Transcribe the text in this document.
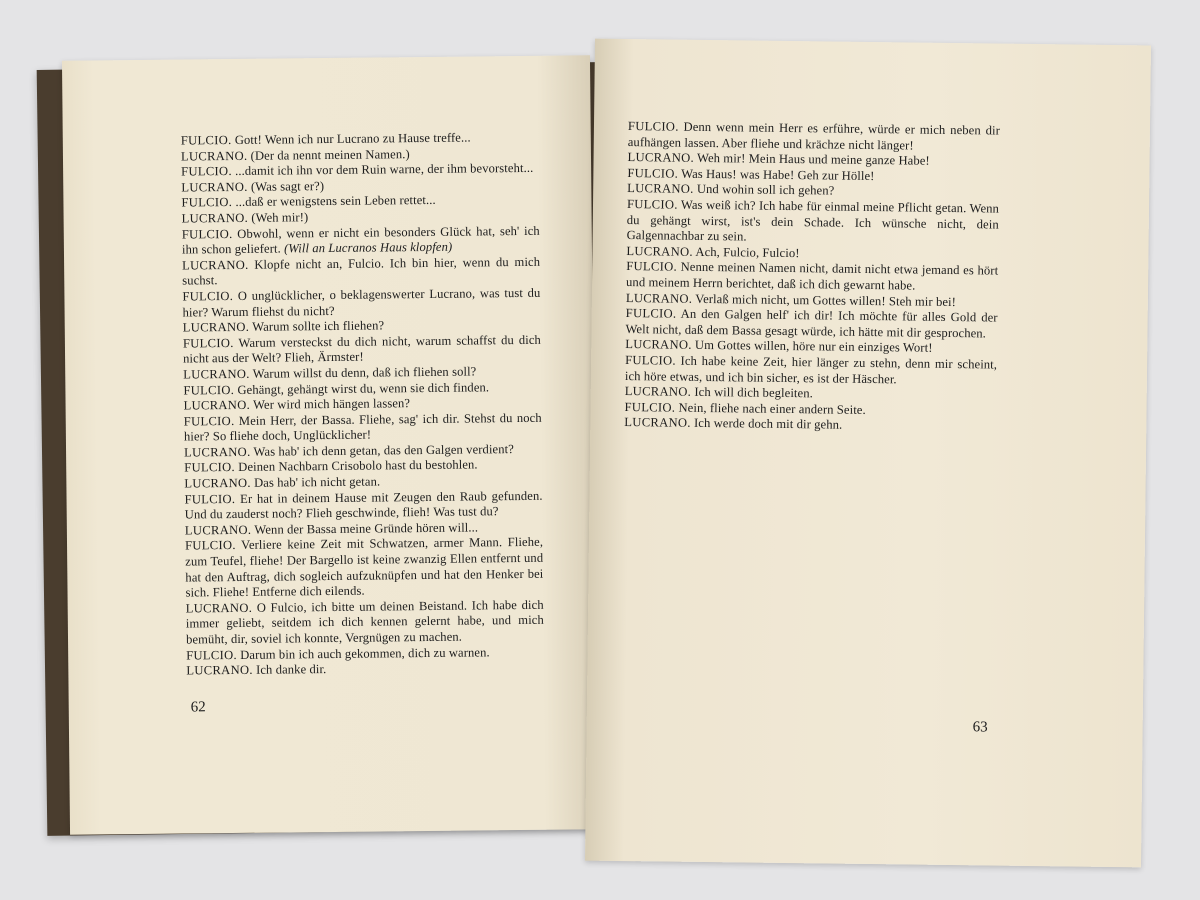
FULCIO. Gott! Wenn ich nur Lucrano zu Hause treffe...

LUCRANO. (Der da nennt meinen Namen.)

FULCIO. ...damit ich ihn vor dem Ruin warne, der ihm bevorsteht...

LUCRANO. (Was sagt er?)

FULCIO. ...daß er wenigstens sein Leben rettet...

LUCRANO. (Weh mir!)

FULCIO. Obwohl, wenn er nicht ein besonders Glück hat, seh' ich ihn schon geliefert. (Will an Lucranos Haus klopfen)

LUCRANO. Klopfe nicht an, Fulcio. Ich bin hier, wenn du mich suchst.

FULCIO. O unglücklicher, o beklagenswerter Lucrano, was tust du hier? Warum fliehst du nicht?

LUCRANO. Warum sollte ich fliehen?

FULCIO. Warum versteckst du dich nicht, warum schaffst du dich nicht aus der Welt? Flieh, Ärmster!

LUCRANO. Warum willst du denn, daß ich fliehen soll?

FULCIO. Gehängt, gehängt wirst du, wenn sie dich finden.

LUCRANO. Wer wird mich hängen lassen?

FULCIO. Mein Herr, der Bassa. Fliehe, sag' ich dir. Stehst du noch hier? So fliehe doch, Unglücklicher!

LUCRANO. Was hab' ich denn getan, das den Galgen verdient?

FULCIO. Deinen Nachbarn Crisobolo hast du bestohlen.

LUCRANO. Das hab' ich nicht getan.

FULCIO. Er hat in deinem Hause mit Zeugen den Raub gefunden. Und du zauderst noch? Flieh geschwinde, flieh! Was tust du?

LUCRANO. Wenn der Bassa meine Gründe hören will...

FULCIO. Verliere keine Zeit mit Schwatzen, armer Mann. Fliehe, zum Teufel, fliehe! Der Bargello ist keine zwanzig Ellen entfernt und hat den Auftrag, dich sogleich aufzuknüpfen und hat den Henker bei sich. Fliehe! Entferne dich eilends.

LUCRANO. O Fulcio, ich bitte um deinen Beistand. Ich habe dich immer geliebt, seitdem ich dich kennen gelernt habe, und mich bemüht, dir, soviel ich konnte, Vergnügen zu machen.

FULCIO. Darum bin ich auch gekommen, dich zu warnen.

LUCRANO. Ich danke dir.

62

FULCIO. Denn wenn mein Herr es erführe, würde er mich neben dir aufhängen lassen. Aber fliehe und krächze nicht länger!

LUCRANO. Weh mir! Mein Haus und meine ganze Habe!

FULCIO. Was Haus! was Habe! Geh zur Hölle!

LUCRANO. Und wohin soll ich gehen?

FULCIO. Was weiß ich? Ich habe für einmal meine Pflicht getan. Wenn du gehängt wirst, ist's dein Schade. Ich wünsche nicht, dein Galgennachbar zu sein.

LUCRANO. Ach, Fulcio, Fulcio!

FULCIO. Nenne meinen Namen nicht, damit nicht etwa jemand es hört und meinem Herrn berichtet, daß ich dich gewarnt habe.

LUCRANO. Verlaß mich nicht, um Gottes willen! Steh mir bei!

FULCIO. An den Galgen helf' ich dir! Ich möchte für alles Gold der Welt nicht, daß dem Bassa gesagt würde, ich hätte mit dir gesprochen.

LUCRANO. Um Gottes willen, höre nur ein einziges Wort!

FULCIO. Ich habe keine Zeit, hier länger zu stehn, denn mir scheint, ich höre etwas, und ich bin sicher, es ist der Häscher.

LUCRANO. Ich will dich begleiten.

FULCIO. Nein, fliehe nach einer andern Seite.

LUCRANO. Ich werde doch mit dir gehn.

63
